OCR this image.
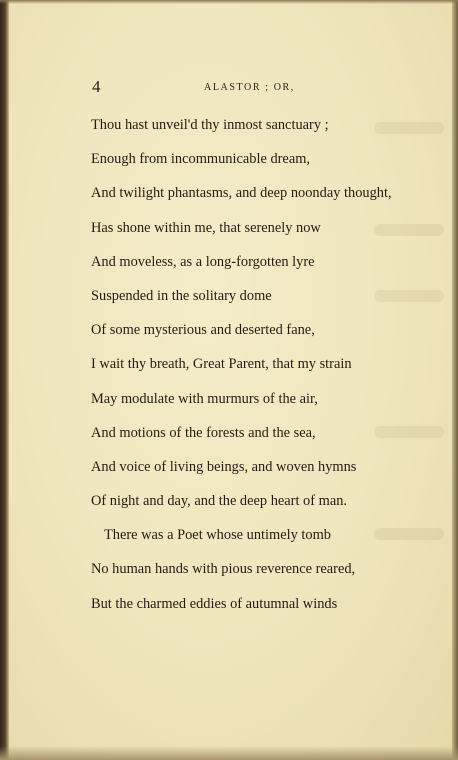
4	ALASTOR ; OR,
Thou hast unveil'd thy inmost sanctuary ;
Enough from incommunicable dream,
And twilight phantasms, and deep noonday thought,
Has shone within me, that serenely now
And moveless, as a long-forgotten lyre
Suspended in the solitary dome
Of some mysterious and deserted fane,
I wait thy breath, Great Parent, that my strain
May modulate with murmurs of the air,
And motions of the forests and the sea,
And voice of living beings, and woven hymns
Of night and day, and the deep heart of man.
There was a Poet whose untimely tomb
No human hands with pious reverence reared,
But the charmed eddies of autumnal winds
